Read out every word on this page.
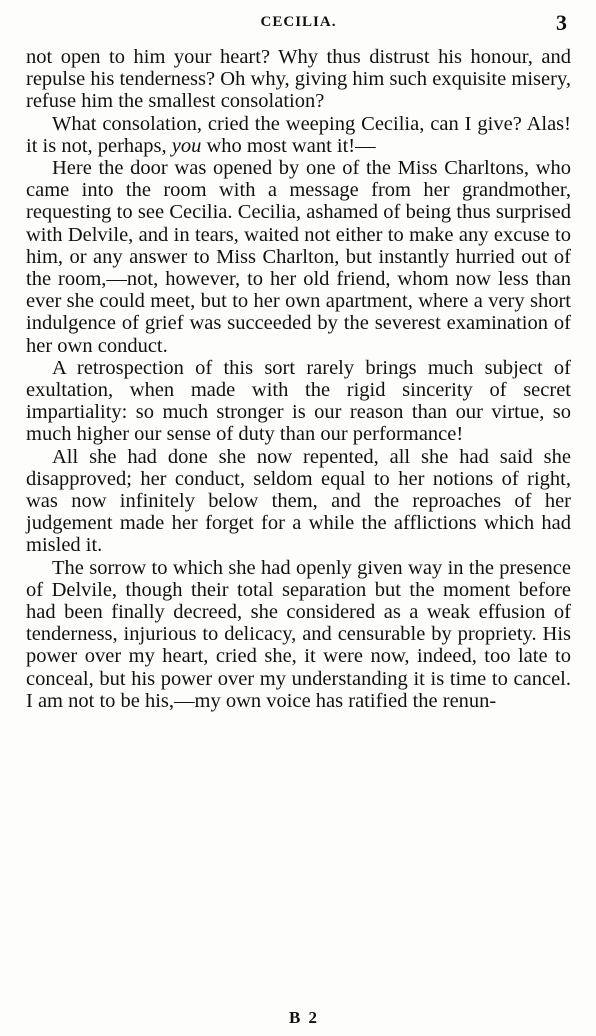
CECILIA.	3

not open to him your heart? Why thus distrust his honour, and repulse his tenderness? Oh why, giving him such exquisite misery, refuse him the smallest consolation?

What consolation, cried the weeping Cecilia, can I give? Alas! it is not, perhaps, you who most want it!—

Here the door was opened by one of the Miss Charltons, who came into the room with a message from her grandmother, requesting to see Cecilia. Cecilia, ashamed of being thus surprised with Delvile, and in tears, waited not either to make any excuse to him, or any answer to Miss Charlton, but instantly hurried out of the room,—not, however, to her old friend, whom now less than ever she could meet, but to her own apartment, where a very short indulgence of grief was succeeded by the severest examination of her own conduct.

A retrospection of this sort rarely brings much subject of exultation, when made with the rigid sincerity of secret impartiality: so much stronger is our reason than our virtue, so much higher our sense of duty than our performance!

All she had done she now repented, all she had said she disapproved; her conduct, seldom equal to her notions of right, was now infinitely below them, and the reproaches of her judgement made her forget for a while the afflictions which had misled it.

The sorrow to which she had openly given way in the presence of Delvile, though their total separation but the moment before had been finally decreed, she considered as a weak effusion of tenderness, injurious to delicacy, and censurable by propriety. His power over my heart, cried she, it were now, indeed, too late to conceal, but his power over my understanding it is time to cancel. I am not to be his,—my own voice has ratified the renun-

B 2
